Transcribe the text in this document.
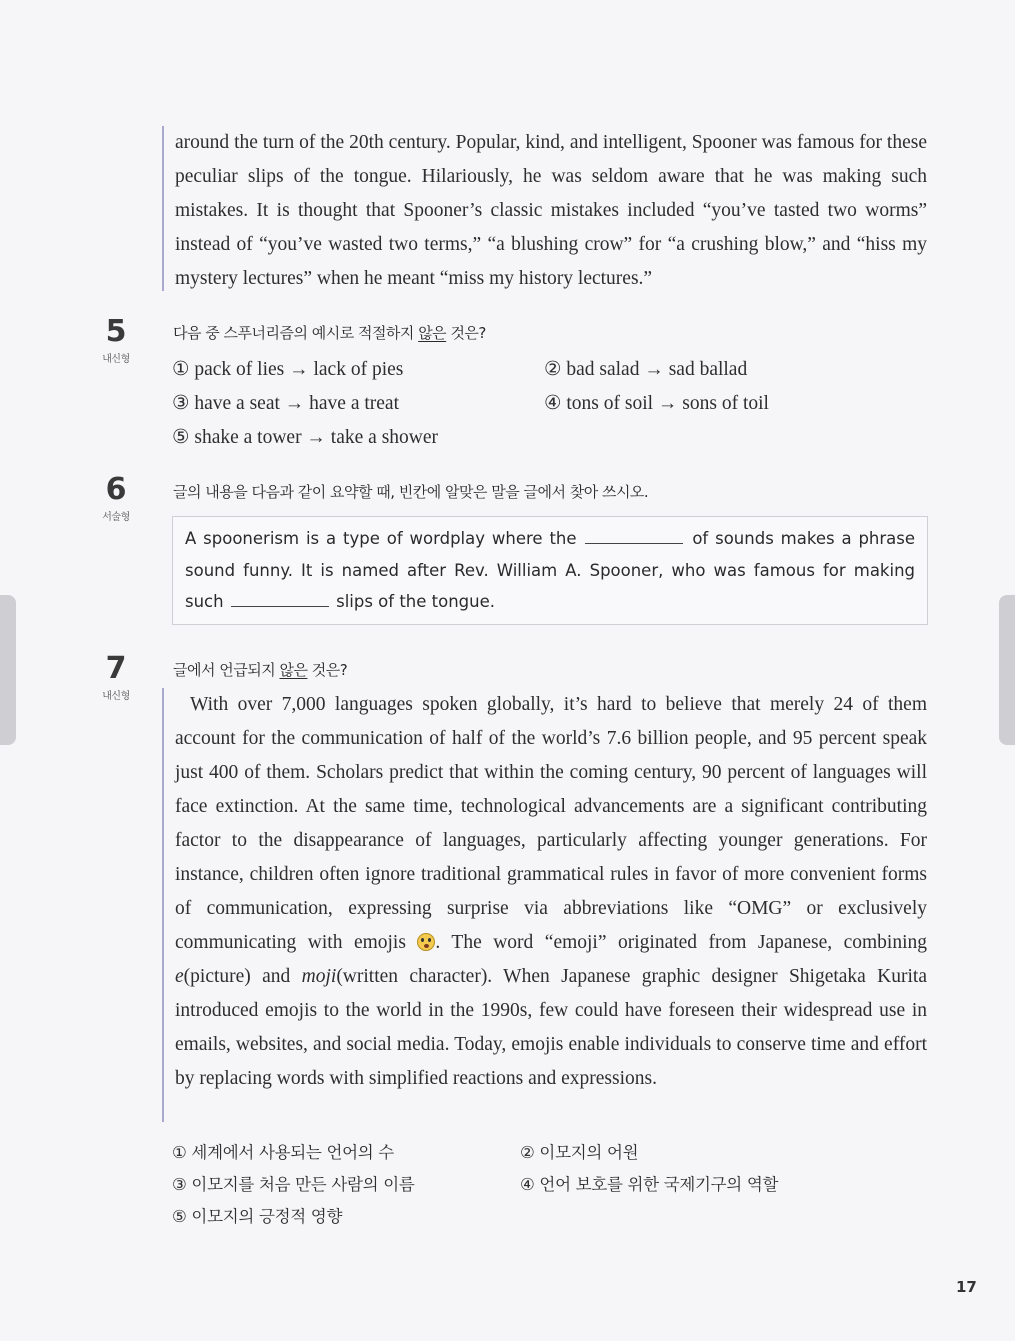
around the turn of the 20th century. Popular, kind, and intelligent, Spooner was famous for these peculiar slips of the tongue. Hilariously, he was seldom aware that he was making such mistakes. It is thought that Spooner’s classic mistakes included “you’ve tasted two worms” instead of “you’ve wasted two terms,” “a blushing crow” for “a crushing blow,” and “hiss my mystery lectures” when he meant “miss my history lectures.”

5
내신형
다음 중 스푸너리즘의 예시로 적절하지 않은 것은?
① pack of lies → lack of pies	② bad salad → sad ballad
③ have a seat → have a treat	④ tons of soil → sons of toil
⑤ shake a tower → take a shower
6
서술형
글의 내용을 다음과 같이 요약할 때, 빈칸에 알맞은 말을 글에서 찾아 쓰시오.

A spoonerism is a type of wordplay where the	of sounds makes a phrase sound funny. It is named after Rev. William A. Spooner, who was famous for making such	slips of the tongue.

7
내신형
글에서 언급되지 않은 것은?

With over 7,000 languages spoken globally, it’s hard to believe that merely 24 of them account for the communication of half of the world’s 7.6 billion people, and 95 percent speak just 400 of them. Scholars predict that within the coming century, 90 percent of languages will face extinction. At the same time, technological advancements are a significant contributing factor to the disappearance of languages, particularly affecting younger generations. For instance, children often ignore traditional grammatical rules in favor of more convenient forms of communication, expressing surprise via abbreviations like “OMG” or exclusively communicating with emojis . The word “emoji” originated from Japanese, combining e(picture) and moji(written character). When Japanese graphic designer Shigetaka Kurita introduced emojis to the world in the 1990s, few could have foreseen their widespread use in emails, websites, and social media. Today, emojis enable individuals to conserve time and effort by replacing words with simplified reactions and expressions.

① 세계에서 사용되는 언어의 수	② 이모지의 어원
③ 이모지를 처음 만든 사람의 이름	④ 언어 보호를 위한 국제기구의 역할
⑤ 이모지의 긍정적 영향
17
